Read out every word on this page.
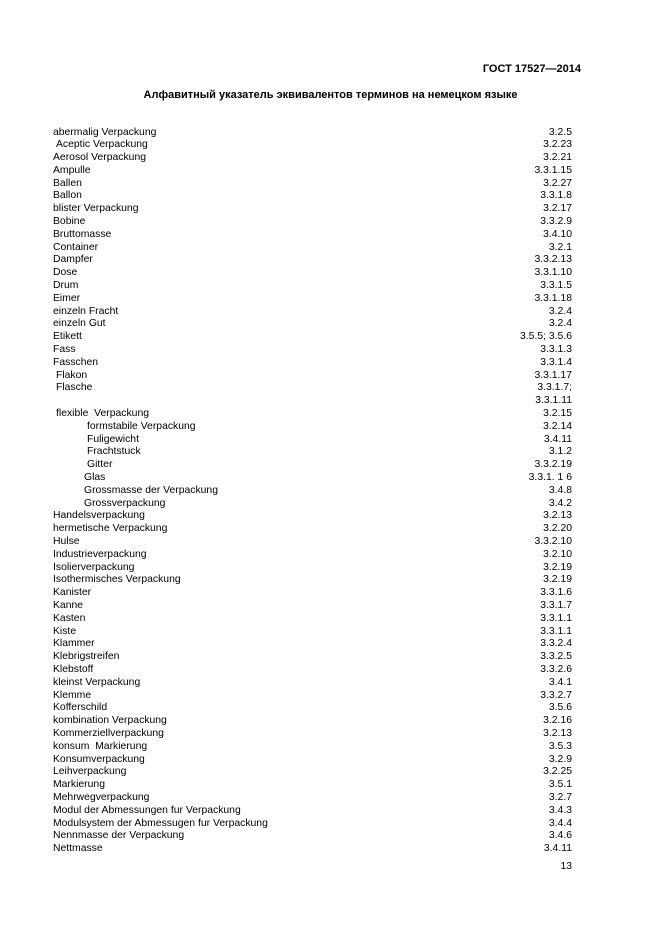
ГОСТ 17527—2014
Алфавитный указатель эквивалентов терминов на немецком языке
abermalig Verpackung	3.2.5
Aceptic Verpackung	3.2.23
Aerosol Verpackung	3.2.21
Ampulle	3.3.1.15
Ballen	3.2.27
Ballon	3.3.1.8
blister Verpackung	3.2.17
Bobine	3.3.2.9
Bruttomasse	3.4.10
Container	3.2.1
Dampfer	3.3.2.13
Dose	3.3.1.10
Drum	3.3.1.5
Eimer	3.3.1.18
einzeln Fracht	3.2.4
einzeln Gut	3.2.4
Etikett	3.5.5; 3.5.6
Fass	3.3.1.3
Fasschen	3.3.1.4
Flakon	3.3.1.17
Flasche	3.3.1.7;
3.3.1.11
flexible  Verpackung	3.2.15
formstabile Verpackung	3.2.14
Fuligewicht	3.4.11
Frachtstuck	3.1.2
Gitter	3.3.2.19
Glas	3.3.1. 1 6
Grossmasse der Verpackung	3.4.8
Grossverpackung	3.4.2
Handelsverpackung	3.2.13
hermetische Verpackung	3.2.20
Hulse	3.3.2.10
Industrieverpackung	3.2.10
Isolierverpackung	3.2.19
Isothermisches Verpackung	3.2.19
Kanister	3.3.1.6
Kanne	3.3.1.7
Kasten	3.3.1.1
Kiste	3.3.1.1
Klammer	3.3.2.4
Klebrigstreifen	3.3.2.5
Klebstoff	3.3.2.6
kleinst Verpackung	3.4.1
Klemme	3.3.2.7
Kofferschild	3.5.6
kombination Verpackung	3.2.16
Kommerziellverpackung	3.2.13
konsum  Markierung	3.5.3
Konsumverpackung	3.2.9
Leihverpackung	3.2.25
Markierung	3.5.1
Mehrwegverpackung	3.2.7
Modul der Abmessungen fur Verpackung	3.4.3
Modulsystem der Abmessugen fur Verpackung	3.4.4
Nennmasse der Verpackung	3.4.6
Nettmasse	3.4.11
13
